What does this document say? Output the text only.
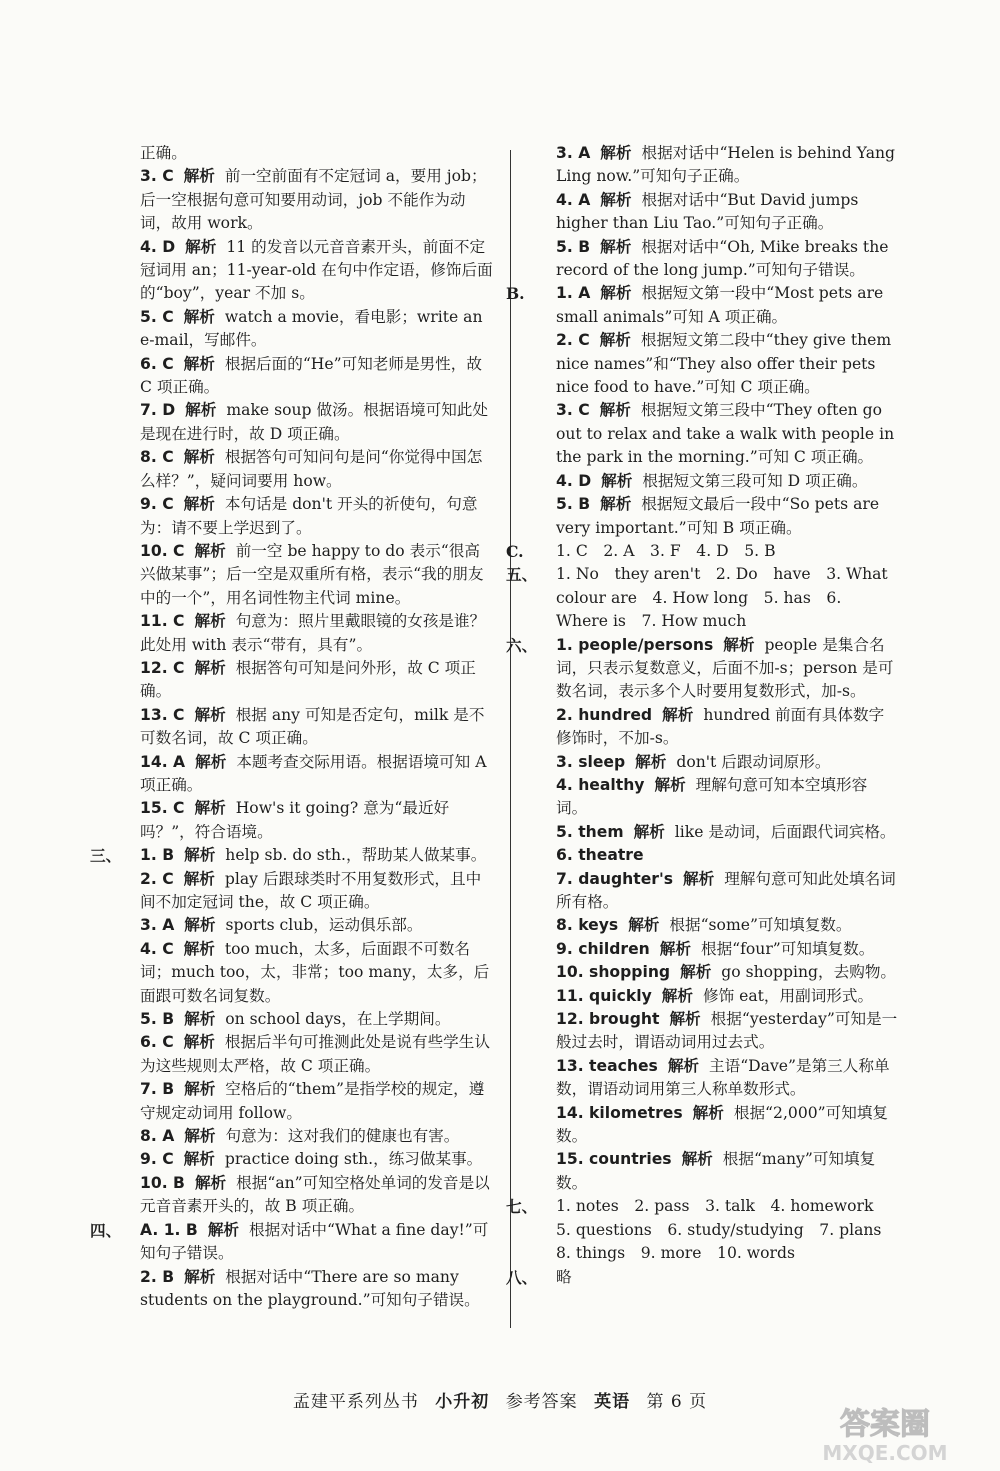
正确。
3. C 解析 前一空前面有不定冠词 a，要用 job；后一空根据句意可知要用动词，job 不能作为动词，故用 work。
4. D 解析 11 的发音以元音音素开头，前面不定冠词用 an；11-year-old 在句中作定语，修饰后面的“boy”，year 不加 s。
5. C 解析 watch a movie，看电影；write an e-mail，写邮件。
6. C 解析 根据后面的“He”可知老师是男性，故 C 项正确。
7. D 解析 make soup 做汤。根据语境可知此处是现在进行时，故 D 项正确。
8. C 解析 根据答句可知问句是问“你觉得中国怎么样？”，疑问词要用 how。
9. C 解析 本句话是 don't 开头的祈使句，句意为：请不要上学迟到了。
10. C 解析 前一空 be happy to do 表示“很高兴做某事”；后一空是双重所有格，表示“我的朋友中的一个”，用名词性物主代词 mine。
11. C 解析 句意为：照片里戴眼镜的女孩是谁？此处用 with 表示“带有，具有”。
12. C 解析 根据答句可知是问外形，故 C 项正确。
13. C 解析 根据 any 可知是否定句，milk 是不可数名词，故 C 项正确。
14. A 解析 本题考查交际用语。根据语境可知 A 项正确。
15. C 解析 How's it going? 意为“最近好吗？”，符合语境。
三、 1. B 解析 help sb. do sth.，帮助某人做某事。
2. C 解析 play 后跟球类时不用复数形式，且中间不加定冠词 the，故 C 项正确。
3. A 解析 sports club，运动俱乐部。
4. C 解析 too much，太多，后面跟不可数名词；much too，太，非常；too many，太多，后面跟可数名词复数。
5. B 解析 on school days，在上学期间。
6. C 解析 根据后半句可推测此处是说有些学生认为这些规则太严格，故 C 项正确。
7. B 解析 空格后的“them”是指学校的规定，遵守规定动词用 follow。
8. A 解析 句意为：这对我们的健康也有害。
9. C 解析 practice doing sth.，练习做某事。
10. B 解析 根据“an”可知空格处单词的发音是以元音音素开头的，故 B 项正确。
四、 A. 1. B 解析 根据对话中“What a fine day!”可知句子错误。
2. B 解析 根据对话中“There are so many students on the playground.”可知句子错误。
3. A 解析 根据对话中“Helen is behind Yang Ling now.”可知句子正确。
4. A 解析 根据对话中“But David jumps higher than Liu Tao.”可知句子正确。
5. B 解析 根据对话中“Oh, Mike breaks the record of the long jump.”可知句子错误。
B. 1. A 解析 根据短文第一段中“Most pets are small animals”可知 A 项正确。
2. C 解析 根据短文第二段中“they give them nice names”和“They also offer their pets nice food to have.”可知 C 项正确。
3. C 解析 根据短文第三段中“They often go out to relax and take a walk with people in the park in the morning.”可知 C 项正确。
4. D 解析 根据短文第三段可知 D 项正确。
5. B 解析 根据短文最后一段中“So pets are very important.”可知 B 项正确。
C. 1. C　2. A　3. F　4. D　5. B
五、 1. No　they aren't　2. Do　have　3. What colour are　4. How long　5. has　6. Where is　7. How much
六、 1. people/persons 解析 people 是集合名词，只表示复数意义，后面不加-s；person 是可数名词，表示多个人时要用复数形式，加-s。
2. hundred 解析 hundred 前面有具体数字修饰时，不加-s。
3. sleep 解析 don't 后跟动词原形。
4. healthy 解析 理解句意可知本空填形容词。
5. them 解析 like 是动词，后面跟代词宾格。
6. theatre
7. daughter's 解析 理解句意可知此处填名词所有格。
8. keys 解析 根据“some”可知填复数。
9. children 解析 根据“four”可知填复数。
10. shopping 解析 go shopping，去购物。
11. quickly 解析 修饰 eat，用副词形式。
12. brought 解析 根据“yesterday”可知是一般过去时，谓语动词用过去式。
13. teaches 解析 主语“Dave”是第三人称单数，谓语动词用第三人称单数形式。
14. kilometres 解析 根据“2,000”可知填复数。
15. countries 解析 根据“many”可知填复数。
七、 1. notes　2. pass　3. talk　4. homework　5. questions　6. study/studying　7. plans　8. things　9. more　10. words
八、 略
孟建平系列丛书 小升初 参考答案 英语 第 6 页
答案圈
MXQE.COM
